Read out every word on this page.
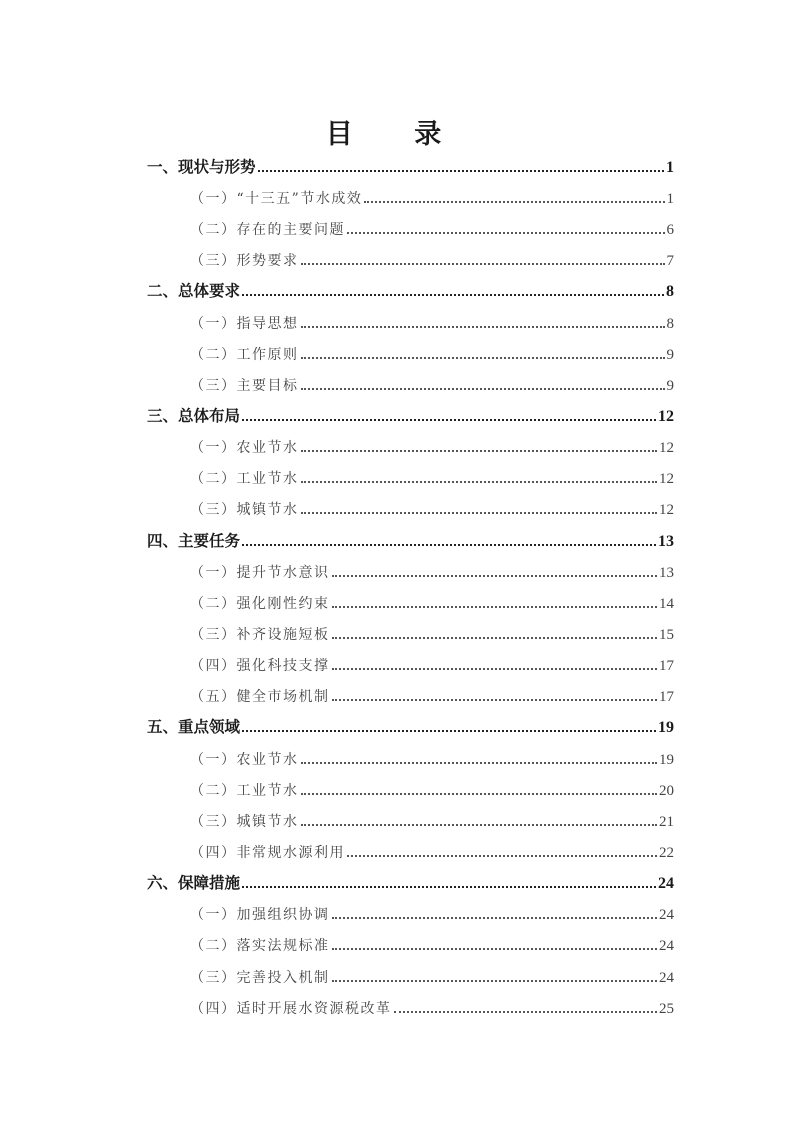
目 录
一、现状与形势	1
（一）“十三五”节水成效	1
（二）存在的主要问题	6
（三）形势要求	7
二、总体要求	8
（一）指导思想	8
（二）工作原则	9
（三）主要目标	9
三、总体布局	12
（一）农业节水	12
（二）工业节水	12
（三）城镇节水	12
四、主要任务	13
（一）提升节水意识	13
（二）强化刚性约束	14
（三）补齐设施短板	15
（四）强化科技支撑	17
（五）健全市场机制	17
五、重点领域	19
（一）农业节水	19
（二）工业节水	20
（三）城镇节水	21
（四）非常规水源利用	22
六、保障措施	24
（一）加强组织协调	24
（二）落实法规标准	24
（三）完善投入机制	24
（四）适时开展水资源税改革	25
